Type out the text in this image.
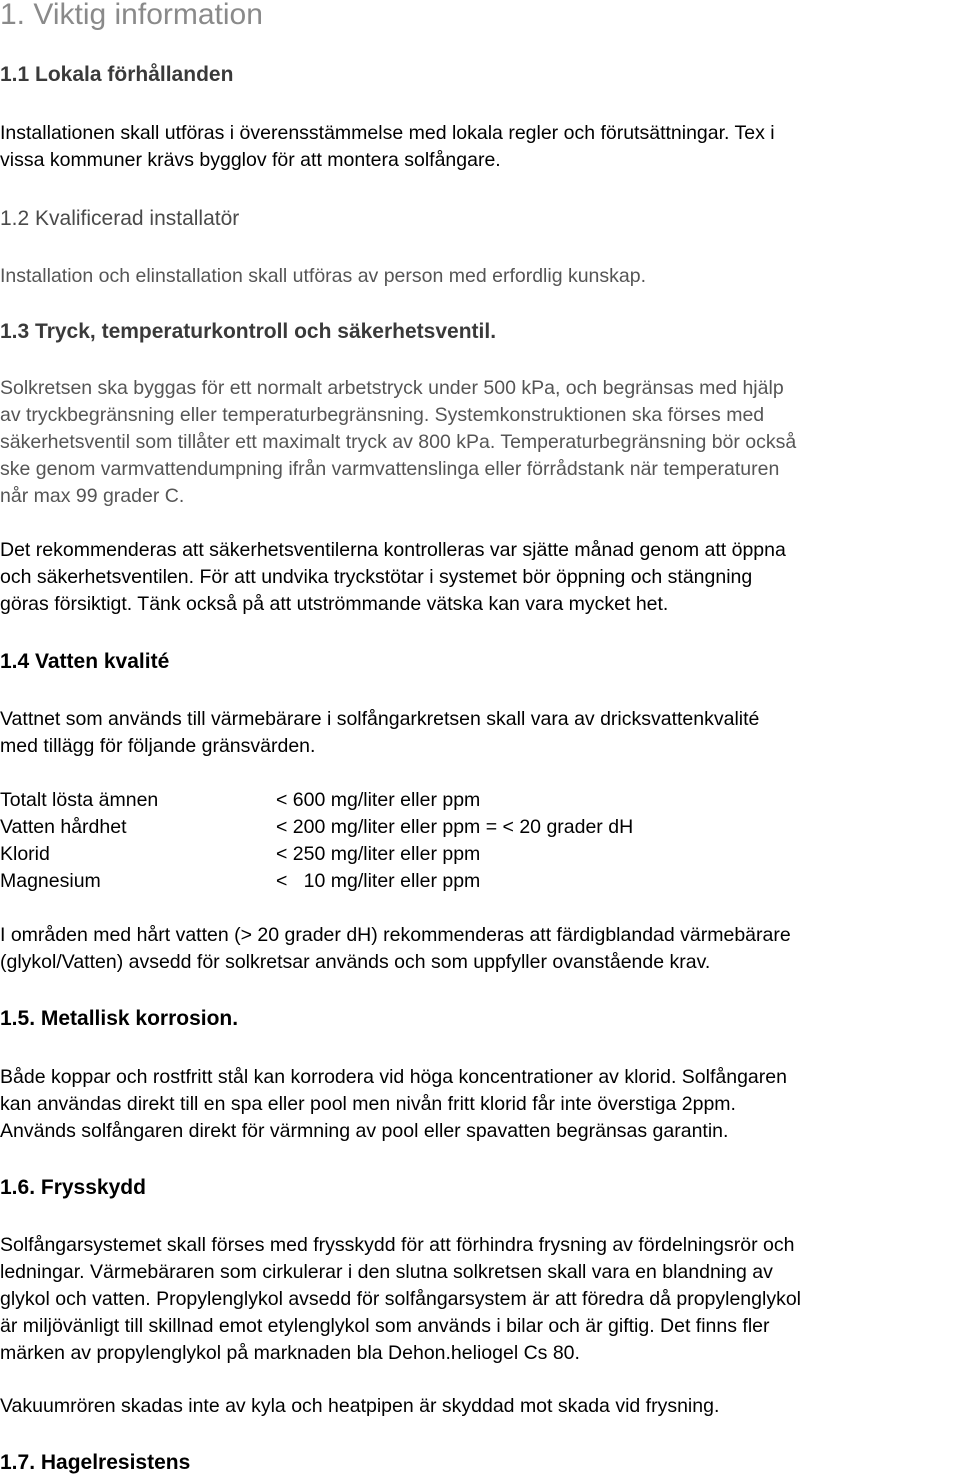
1. Viktig information
1.1 Lokala förhållanden
Installationen skall utföras i överensstämmelse med lokala regler och förutsättningar. Tex i
vissa kommuner krävs bygglov för att montera solfångare.
1.2 Kvalificerad installatör
Installation och elinstallation skall utföras av person med erfordlig kunskap.
1.3 Tryck, temperaturkontroll och säkerhetsventil.
Solkretsen ska byggas för ett normalt arbetstryck under 500 kPa, och begränsas med hjälp
av tryckbegränsning eller temperaturbegränsning. Systemkonstruktionen ska förses med
säkerhetsventil som tillåter ett maximalt tryck av 800 kPa. Temperaturbegränsning bör också
ske genom varmvattendumpning ifrån varmvattenslinga eller förrådstank när temperaturen
når max 99 grader C.
Det rekommenderas att säkerhetsventilerna kontrolleras var sjätte månad genom att öppna
och säkerhetsventilen. För att undvika tryckstötar i systemet bör öppning och stängning
göras försiktigt. Tänk också på att utströmmande vätska kan vara mycket het.
1.4 Vatten kvalité
Vattnet som används till värmebärare i solfångarkretsen skall vara av dricksvattenkvalité
med tillägg för följande gränsvärden.
Totalt lösta ämnen	< 600 mg/liter eller ppm
Vatten hårdhet	< 200 mg/liter eller ppm = < 20 grader dH
Klorid	< 250 mg/liter eller ppm
Magnesium	<   10 mg/liter eller ppm
I områden med hårt vatten (> 20 grader dH) rekommenderas att färdigblandad värmebärare
(glykol/Vatten) avsedd för solkretsar används och som uppfyller ovanstående krav.
1.5. Metallisk korrosion.
Både koppar och rostfritt stål kan korrodera vid höga koncentrationer av klorid. Solfångaren
kan användas direkt till en spa eller pool men nivån fritt klorid får inte överstiga 2ppm.
Används solfångaren direkt för värmning av pool eller spavatten begränsas garantin.
1.6. Frysskydd
Solfångarsystemet skall förses med frysskydd för att förhindra frysning av fördelningsrör och
ledningar. Värmebäraren som cirkulerar i den slutna solkretsen skall vara en blandning av
glykol och vatten. Propylenglykol avsedd för solfångarsystem är att föredra då propylenglykol
är miljövänligt till skillnad emot etylenglykol som används i bilar och är giftig. Det finns fler
märken av propylenglykol på marknaden bla Dehon.heliogel Cs 80.
Vakuumrören skadas inte av kyla och heatpipen är skyddad mot skada vid frysning.
1.7. Hagelresistens
